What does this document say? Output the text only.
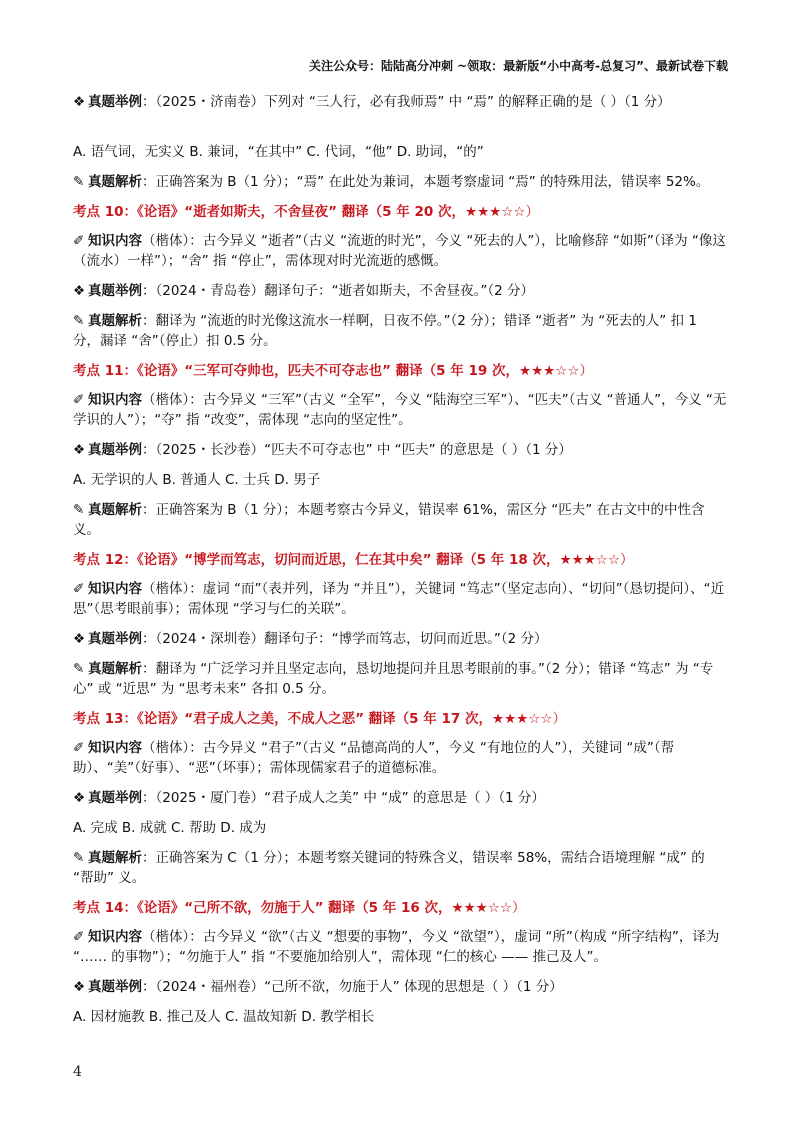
关注公众号：陆陆高分冲刺 ~领取：最新版“小中高考-总复习”、最新试卷下载

❖ 真题举例：（2025・济南卷）下列对 “三人行，必有我师焉” 中 “焉” 的解释正确的是（ ）（1 分）

A. 语气词，无实义 B. 兼词，“在其中” C. 代词，“他” D. 助词，“的”

✎ 真题解析：正确答案为 B（1 分）；“焉” 在此处为兼词，本题考察虚词 “焉” 的特殊用法，错误率 52%。

考点 10：《论语》“逝者如斯夫，不舍昼夜” 翻译（5 年 20 次，★★★☆☆）

✐ 知识内容（楷体）：古今异义 “逝者”（古义 “流逝的时光”，今义 “死去的人”），比喻修辞 “如斯”（译为 “像这（流水）一样”）；“舍” 指 “停止”，需体现对时光流逝的感慨。

❖ 真题举例：（2024・青岛卷）翻译句子：“逝者如斯夫，不舍昼夜。”（2 分）

✎ 真题解析：翻译为 “流逝的时光像这流水一样啊，日夜不停。”（2 分）；错译 “逝者” 为 “死去的人” 扣 1 分，漏译 “舍”（停止）扣 0.5 分。

考点 11：《论语》“三军可夺帅也，匹夫不可夺志也” 翻译（5 年 19 次，★★★☆☆）

✐ 知识内容（楷体）：古今异义 “三军”（古义 “全军”，今义 “陆海空三军”）、“匹夫”（古义 “普通人”，今义 “无学识的人”）；“夺” 指 “改变”，需体现 “志向的坚定性”。

❖ 真题举例：（2025・长沙卷）“匹夫不可夺志也” 中 “匹夫” 的意思是（ ）（1 分）

A. 无学识的人 B. 普通人 C. 士兵 D. 男子

✎ 真题解析：正确答案为 B（1 分）；本题考察古今异义，错误率 61%，需区分 “匹夫” 在古文中的中性含义。

考点 12：《论语》“博学而笃志，切问而近思，仁在其中矣” 翻译（5 年 18 次，★★★☆☆）

✐ 知识内容（楷体）：虚词 “而”（表并列，译为 “并且”），关键词 “笃志”（坚定志向）、“切问”（恳切提问）、“近思”（思考眼前事）；需体现 “学习与仁的关联”。

❖ 真题举例：（2024・深圳卷）翻译句子：“博学而笃志，切问而近思。”（2 分）

✎ 真题解析：翻译为 “广泛学习并且坚定志向，恳切地提问并且思考眼前的事。”（2 分）；错译 “笃志” 为 “专心” 或 “近思” 为 “思考未来” 各扣 0.5 分。

考点 13：《论语》“君子成人之美，不成人之恶” 翻译（5 年 17 次，★★★☆☆）

✐ 知识内容（楷体）：古今异义 “君子”（古义 “品德高尚的人”，今义 “有地位的人”），关键词 “成”（帮助）、“美”（好事）、“恶”（坏事）；需体现儒家君子的道德标准。

❖ 真题举例：（2025・厦门卷）“君子成人之美” 中 “成” 的意思是（ ）（1 分）

A. 完成 B. 成就 C. 帮助 D. 成为

✎ 真题解析：正确答案为 C（1 分）；本题考察关键词的特殊含义，错误率 58%，需结合语境理解 “成” 的 “帮助” 义。

考点 14：《论语》“己所不欲，勿施于人” 翻译（5 年 16 次，★★★☆☆）

✐ 知识内容（楷体）：古今异义 “欲”（古义 “想要的事物”，今义 “欲望”），虚词 “所”（构成 “所字结构”，译为 “…… 的事物”）；“勿施于人” 指 “不要施加给别人”，需体现 “仁的核心 —— 推己及人”。

❖ 真题举例：（2024・福州卷）“己所不欲，勿施于人” 体现的思想是（ ）（1 分）

A. 因材施教 B. 推己及人 C. 温故知新 D. 教学相长

4
